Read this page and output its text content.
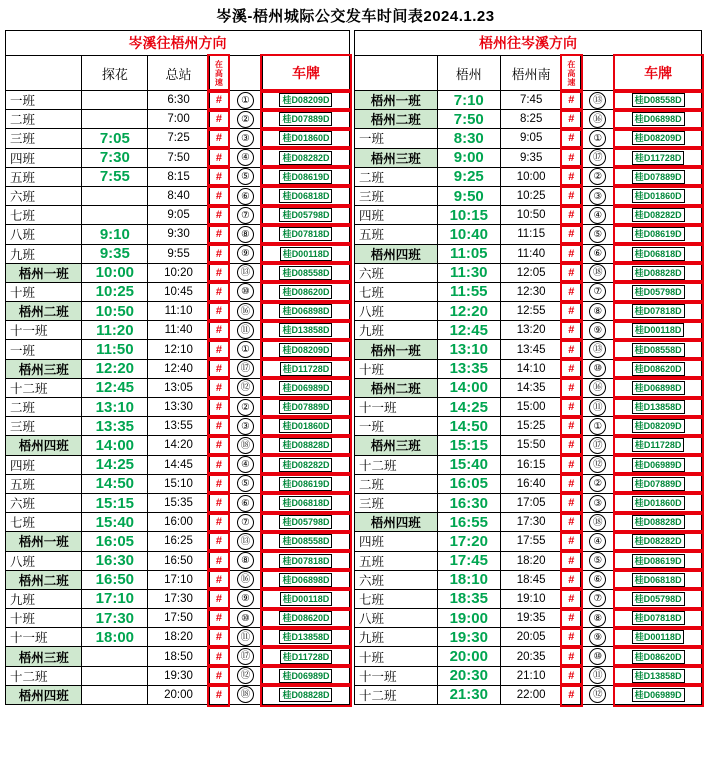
岑溪-梧州城际公交发车时间表2024.1.23
岑溪往梧州方向					
	探花	总站	在
高
速		车牌
一班		6:30	#	①	桂D08209D
二班		7:00	#	②	桂D07889D
三班	7:05	7:25	#	③	桂D01860D
四班	7:30	7:50	#	④	桂D08282D
五班	7:55	8:15	#	⑤	桂D08619D
六班		8:40	#	⑥	桂D06818D
七班		9:05	#	⑦	桂D05798D
八班	9:10	9:30	#	⑧	桂D07818D
九班	9:35	9:55	#	⑨	桂D00118D
梧州一班	10:00	10:20	#	⑬	桂D08558D
十班	10:25	10:45	#	⑩	桂D08620D
梧州二班	10:50	11:10	#	⑯	桂D06898D
十一班	11:20	11:40	#	⑪	桂D13858D
一班	11:50	12:10	#	①	桂D08209D
梧州三班	12:20	12:40	#	⑰	桂D11728D
十二班	12:45	13:05	#	⑫	桂D06989D
二班	13:10	13:30	#	②	桂D07889D
三班	13:35	13:55	#	③	桂D01860D
梧州四班	14:00	14:20	#	⑱	桂D08828D
四班	14:25	14:45	#	④	桂D08282D
五班	14:50	15:10	#	⑤	桂D08619D
六班	15:15	15:35	#	⑥	桂D06818D
七班	15:40	16:00	#	⑦	桂D05798D
梧州一班	16:05	16:25	#	⑬	桂D08558D
八班	16:30	16:50	#	⑧	桂D07818D
梧州二班	16:50	17:10	#	⑯	桂D06898D
九班	17:10	17:30	#	⑨	桂D00118D
十班	17:30	17:50	#	⑩	桂D08620D
十一班	18:00	18:20	#	⑪	桂D13858D
梧州三班		18:50	#	⑰	桂D11728D
十二班		19:30	#	⑫	桂D06989D
梧州四班		20:00	#	⑱	桂D08828D
梧州往岑溪方向					
	梧州	梧州南	在
高
速		车牌
梧州一班	7:10	7:45	#	⑬	桂D08558D
梧州二班	7:50	8:25	#	⑯	桂D06898D
一班	8:30	9:05	#	①	桂D08209D
梧州三班	9:00	9:35	#	⑰	桂D11728D
二班	9:25	10:00	#	②	桂D07889D
三班	9:50	10:25	#	③	桂D01860D
四班	10:15	10:50	#	④	桂D08282D
五班	10:40	11:15	#	⑤	桂D08619D
梧州四班	11:05	11:40	#	⑥	桂D06818D
六班	11:30	12:05	#	⑱	桂D08828D
七班	11:55	12:30	#	⑦	桂D05798D
八班	12:20	12:55	#	⑧	桂D07818D
九班	12:45	13:20	#	⑨	桂D00118D
梧州一班	13:10	13:45	#	⑬	桂D08558D
十班	13:35	14:10	#	⑩	桂D08620D
梧州二班	14:00	14:35	#	⑯	桂D06898D
十一班	14:25	15:00	#	⑪	桂D13858D
一班	14:50	15:25	#	①	桂D08209D
梧州三班	15:15	15:50	#	⑰	桂D11728D
十二班	15:40	16:15	#	⑫	桂D06989D
二班	16:05	16:40	#	②	桂D07889D
三班	16:30	17:05	#	③	桂D01860D
梧州四班	16:55	17:30	#	⑱	桂D08828D
四班	17:20	17:55	#	④	桂D08282D
五班	17:45	18:20	#	⑤	桂D08619D
六班	18:10	18:45	#	⑥	桂D06818D
七班	18:35	19:10	#	⑦	桂D05798D
八班	19:00	19:35	#	⑧	桂D07818D
九班	19:30	20:05	#	⑨	桂D00118D
十班	20:00	20:35	#	⑩	桂D08620D
十一班	20:30	21:10	#	⑪	桂D13858D
十二班	21:30	22:00	#	⑫	桂D06989D
